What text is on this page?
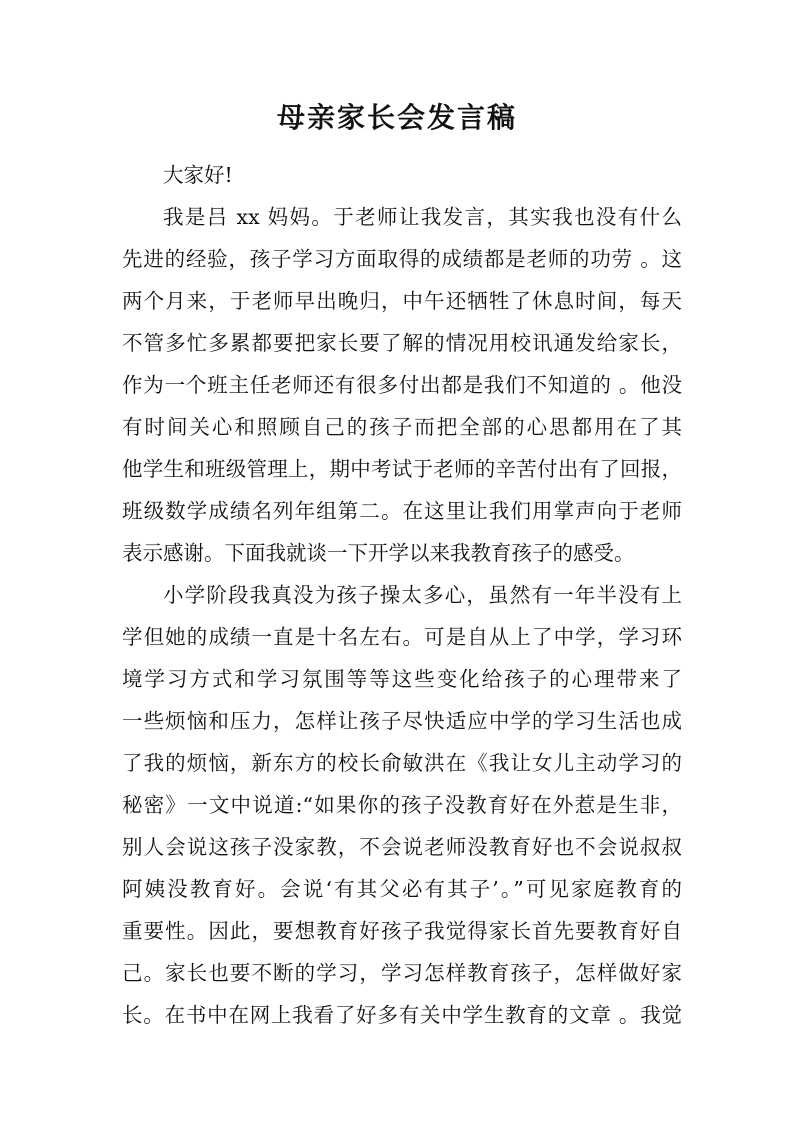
母亲家长会发言稿
大家好!
我是吕 xx 妈妈。于老师让我发言，其实我也没有什么
先进的经验，孩子学习方面取得的成绩都是老师的功劳 。这
两个月来，于老师早出晚归，中午还牺牲了休息时间，每天
不管多忙多累都要把家长要了解的情况用校讯通发给家长，
作为一个班主任老师还有很多付出都是我们不知道的 。他没
有时间关心和照顾自己的孩子而把全部的心思都用在了其
他学生和班级管理上，期中考试于老师的辛苦付出有了回报，
班级数学成绩名列年组第二。在这里让我们用掌声向于老师
表示感谢。下面我就谈一下开学以来我教育孩子的感受。
小学阶段我真没为孩子操太多心，虽然有一年半没有上
学但她的成绩一直是十名左右。可是自从上了中学，学习环
境学习方式和学习氛围等等这些变化给孩子的心理带来了
一些烦恼和压力，怎样让孩子尽快适应中学的学习生活也成
了我的烦恼，新东方的校长俞敏洪在《我让女儿主动学习的
秘密》一文中说道:“如果你的孩子没教育好在外惹是生非，
别人会说这孩子没家教，不会说老师没教育好也不会说叔叔
阿姨没教育好。会说‘有其父必有其子’。”可见家庭教育的
重要性。因此，要想教育好孩子我觉得家长首先要教育好自
己。家长也要不断的学习，学习怎样教育孩子，怎样做好家
长。在书中在网上我看了好多有关中学生教育的文章 。我觉
